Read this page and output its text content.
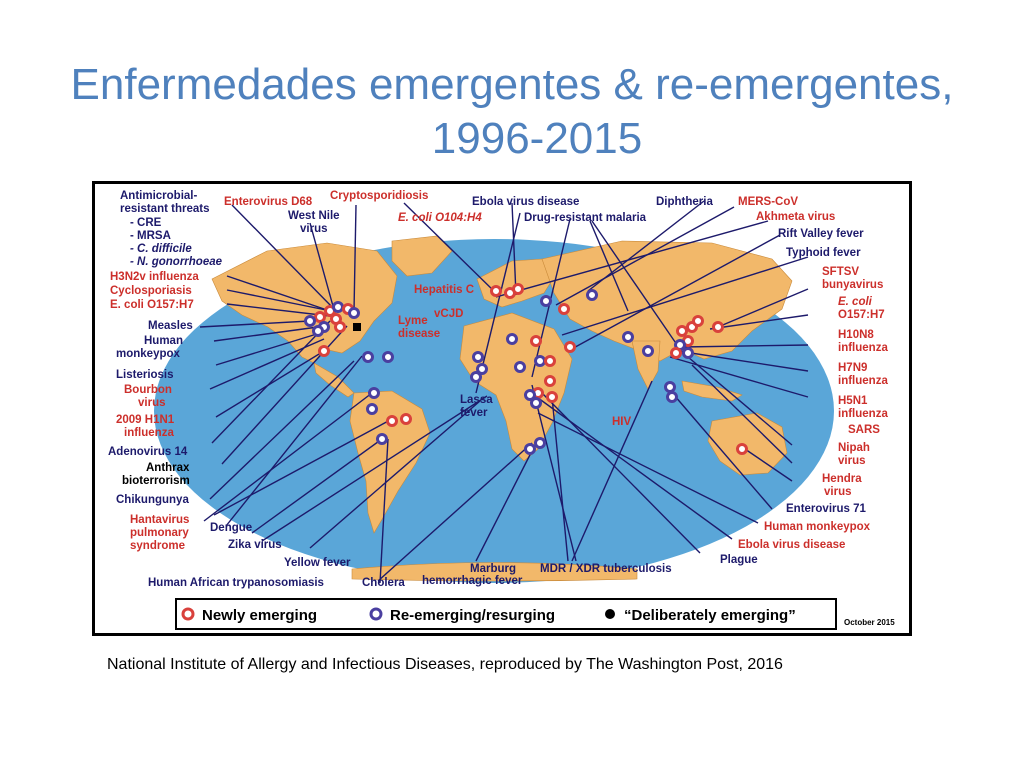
Enfermedades emergentes & re-emergentes,
1996-2015
Antimicrobial-
resistant threats
- CRE
- MRSA
- C. difficile
- N. gonorrhoeae
H3N2v influenza
Cyclosporiasis
E. coli O157:H7
Measles
Human
monkeypox
Listeriosis
Bourbon
virus
2009 H1N1
influenza
Adenovirus 14
Anthrax
bioterrorism
Chikungunya
Hantavirus
pulmonary
syndrome
Dengue
Zika virus
Yellow fever
Human African trypanosomiasis	Cholera
Marburg
hemorrhagic fever
MDR / XDR tuberculosis
Plague
Ebola virus disease
Human monkeypox
Enterovirus 71
Hendra
virus
Nipah
virus
SARS
H5N1
influenza
H7N9
influenza
H10N8
influenza
E. coli
O157:H7
SFTSV
bunyavirus
Typhoid fever
Rift Valley fever
Akhmeta virus
MERS-CoV
Diphtheria
Drug-resistant malaria
Ebola virus disease
E. coli O104:H4
Cryptosporidiosis
Enterovirus D68
West Nile
virus
Hepatitis C
vCJD
Lyme
disease
Lassa
fever
HIV
Newly emerging	Re-emerging/resurging	“Deliberately emerging”	October 2015
National Institute of Allergy and Infectious Diseases, reproduced by The Washington Post, 2016
